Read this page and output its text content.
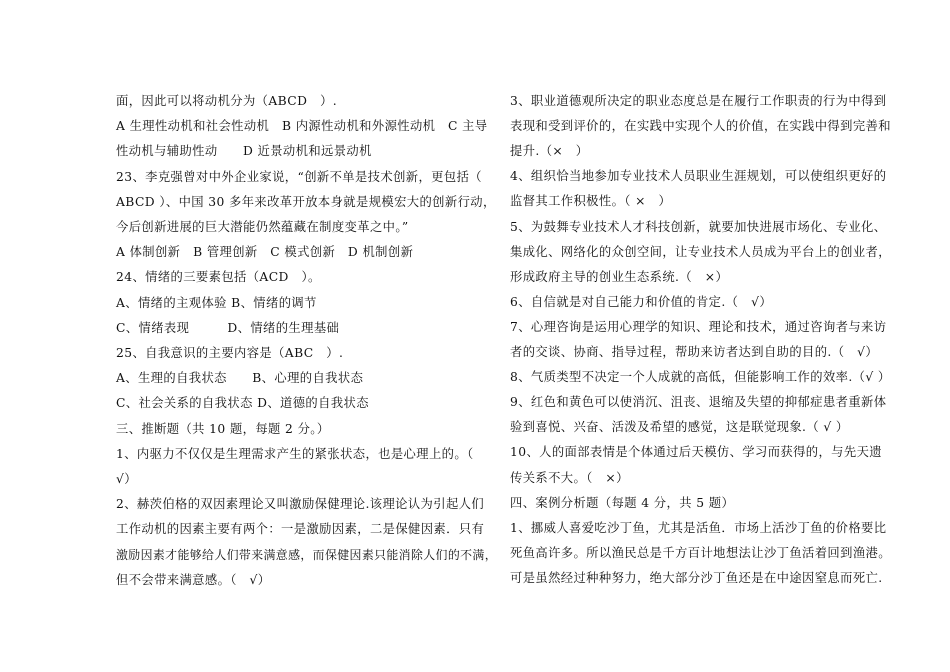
面，因此可以将动机分为（ABCD　）.
A 生理性动机和社会性动机　B 内源性动机和外源性动机　C 主导
性动机与辅助性动　　D 近景动机和远景动机
23、李克强曾对中外企业家说，“创新不单是技术创新，更包括（
ABCD ）、中国 30 多年来改革开放本身就是规模宏大的创新行动，
今后创新进展的巨大潜能仍然蕴藏在制度变革之中。”
A 体制创新　B 管理创新　C 模式创新　D 机制创新
24、情绪的三要素包括（ACD　）。
A、情绪的主观体验 B、情绪的调节
C、情绪表现　　　D、情绪的生理基础
25、自我意识的主要内容是（ABC　）.
A、生理的自我状态　　B、心理的自我状态
C、社会关系的自我状态 D、道德的自我状态
三、推断题（共 10 题，每题 2 分。）
1、内驱力不仅仅是生理需求产生的紧张状态，也是心理上的。（
√）
2、赫茨伯格的双因素理论又叫激励保健理论.该理论认为引起人们
工作动机的因素主要有两个：一是激励因素，二是保健因素．只有
激励因素才能够给人们带来满意感，而保健因素只能消除人们的不满，
但不会带来满意感。（　√）
3、职业道德观所决定的职业态度总是在履行工作职责的行为中得到
表现和受到评价的，在实践中实现个人的价值，在实践中得到完善和
提升.（×　）
4、组织恰当地参加专业技术人员职业生涯规划，可以使组织更好的
监督其工作积极性。（ ×　）
5、为鼓舞专业技术人才科技创新，就要加快进展市场化、专业化、
集成化、网络化的众创空间，让专业技术人员成为平台上的创业者，
形成政府主导的创业生态系统.（　×）
6、自信就是对自己能力和价值的肯定.（　√）
7、心理咨询是运用心理学的知识、理论和技术，通过咨询者与来访
者的交谈、协商、指导过程，帮助来访者达到自助的目的.（　√）
8、气质类型不决定一个人成就的高低，但能影响工作的效率.（√ ）
9、红色和黄色可以使消沉、沮丧、退缩及失望的抑郁症患者重新体
验到喜悦、兴奋、活泼及希望的感觉，这是联觉现象.（ √ ）
10、人的面部表情是个体通过后天模仿、学习而获得的，与先天遗
传关系不大。（　×）
四、案例分析题（每题 4 分，共 5 题）
1、挪威人喜爱吃沙丁鱼，尤其是活鱼．市场上活沙丁鱼的价格要比
死鱼高许多。所以渔民总是千方百计地想法让沙丁鱼活着回到渔港。
可是虽然经过种种努力，绝大部分沙丁鱼还是在中途因窒息而死亡.
